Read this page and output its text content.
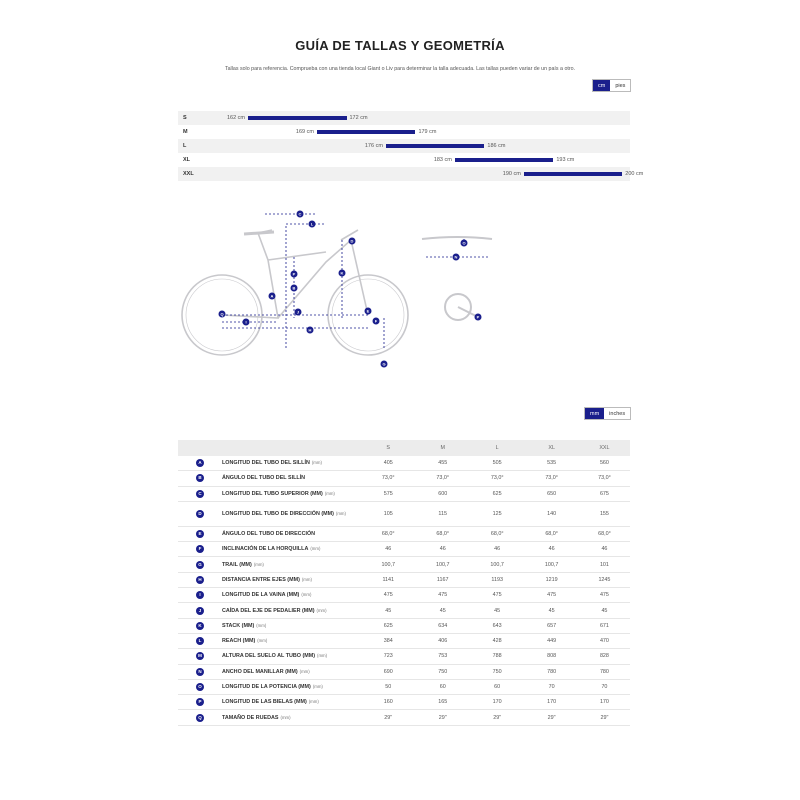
GUÍA DE TALLAS Y GEOMETRÍA
Tallas solo para referencia. Comprueba con una tienda local Giant o Liv para determinar la talla adecuada. Las tallas pueden variar de un país a otro.
cm	pies
S	162 cm	172 cm
M	169 cm	179 cm
L	176 cm	186 cm
XL	183 cm	193 cm
XXL	190 cm	200 cm
C
L
D
K
P
B
A
E
F
Q
I
H
J
G
O
N
P
mm	inches
		S	M	L	XL	XXL
A	LONGITUD DEL TUBO DEL SILLÍN (mm)	405	455	505	535	560
B	ÁNGULO DEL TUBO DEL SILLÍN	73,0°	73,0°	73,0°	73,0°	73,0°
C	LONGITUD DEL TUBO SUPERIOR (MM) (mm)	575	600	625	650	675
D	LONGITUD DEL TUBO DE DIRECCIÓN (MM) (mm)	105	115	125	140	155
E	ÁNGULO DEL TUBO DE DIRECCIÓN	68,0°	68,0°	68,0°	68,0°	68,0°
F	INCLINACIÓN DE LA HORQUILLA (mm)	46	46	46	46	46
G	TRAIL (MM) (mm)	100,7	100,7	100,7	100,7	101
H	DISTANCIA ENTRE EJES (MM) (mm)	1141	1167	1193	1219	1245
I	LONGITUD DE LA VAINA (MM) (mm)	475	475	475	475	475
J	CAÍDA DEL EJE DE PEDALIER (MM) (mm)	45	45	45	45	45
K	STACK (MM) (mm)	625	634	643	657	671
L	REACH (MM) (mm)	384	406	428	449	470
M	ALTURA DEL SUELO AL TUBO (MM) (mm)	723	753	788	808	828
N	ANCHO DEL MANILLAR (MM) (mm)	690	750	750	780	780
O	LONGITUD DE LA POTENCIA (MM) (mm)	50	60	60	70	70
P	LONGITUD DE LAS BIELAS (MM) (mm)	160	165	170	170	170
Q	TAMAÑO DE RUEDAS (mm)	29"	29"	29"	29"	29"
